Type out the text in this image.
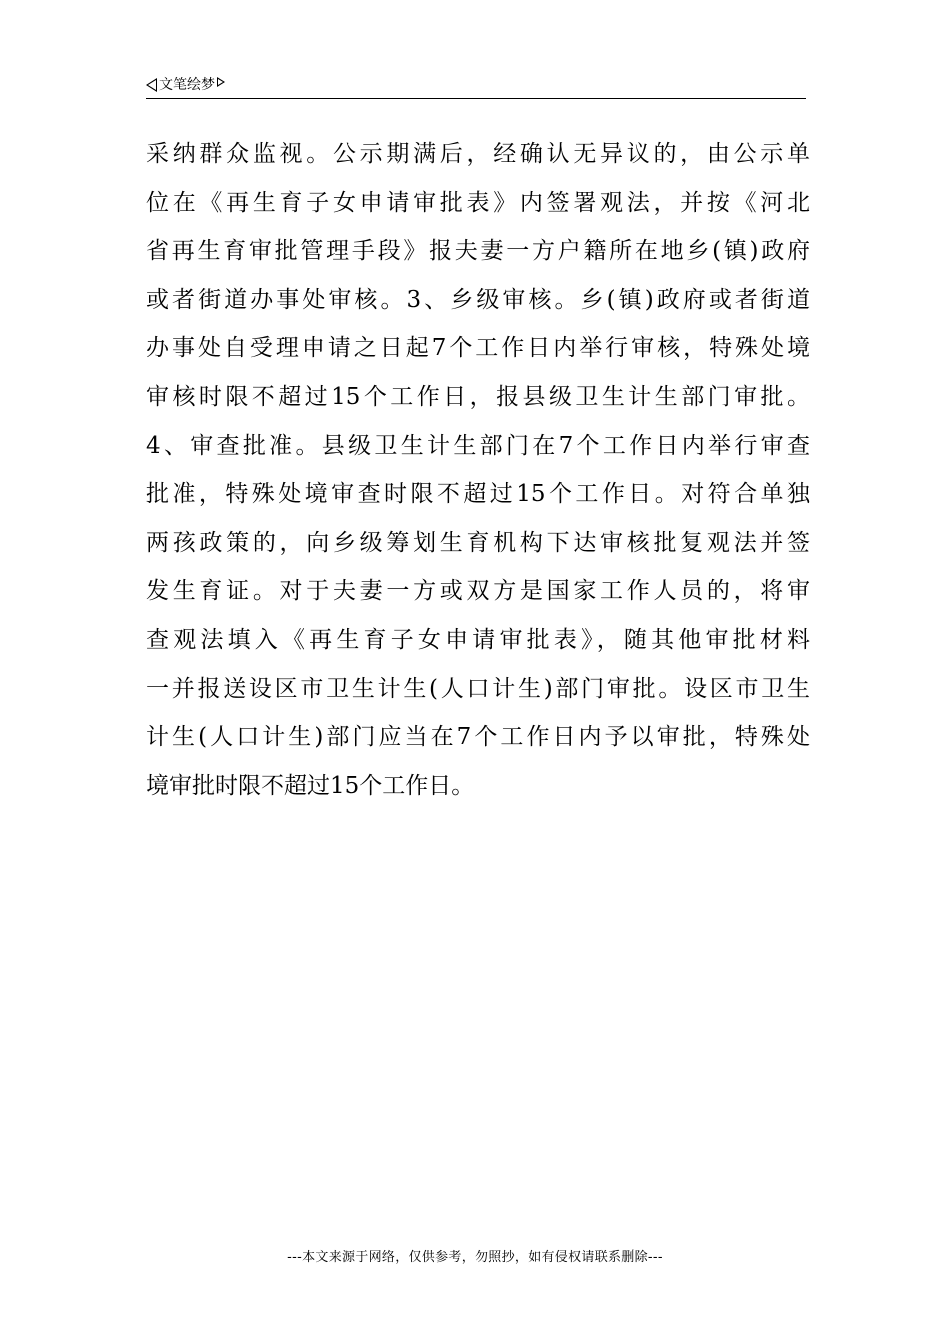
文笔绘梦
采纳群众监视。公示期满后，经确认无异议的，由公示单
位在《再生育子女申请审批表》内签署观法，并按《河北
省再生育审批管理手段》报夫妻一方户籍所在地乡(镇)政府
或者街道办事处审核。3、乡级审核。乡(镇)政府或者街道
办事处自受理申请之日起7个工作日内举行审核，特殊处境
审核时限不超过15个工作日，报县级卫生计生部门审批。
4、审查批准。县级卫生计生部门在7个工作日内举行审查
批准，特殊处境审查时限不超过15个工作日。对符合单独
两孩政策的，向乡级筹划生育机构下达审核批复观法并签
发生育证。对于夫妻一方或双方是国家工作人员的，将审
查观法填入《再生育子女申请审批表》，随其他审批材料
一并报送设区市卫生计生(人口计生)部门审批。设区市卫生
计生(人口计生)部门应当在7个工作日内予以审批，特殊处
境审批时限不超过15个工作日。
---本文来源于网络，仅供参考，勿照抄，如有侵权请联系删除---
